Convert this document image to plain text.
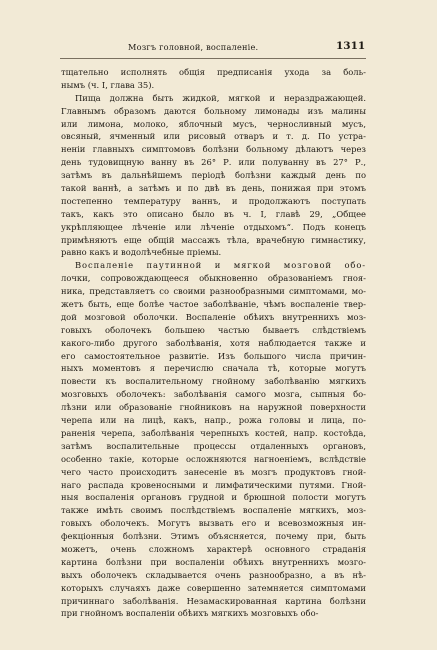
Мозгъ головной, воспаленіе.	1311
тщательно исполнять общія предписанія ухода за боль-
нымъ (ч. I, глава 35).
Пища должна быть жидкой, мягкой и нераздражающей.
Главнымъ образомъ даются больному лимонады изъ малины
или лимона, молоко, яблочный мусъ, черносливный мусъ,
овсяный, ячменный или рисовый отваръ и т. д. По устра-
неніи главныхъ симптомовъ болѣзни больному дѣлаютъ через
день тудовищную ванну въ 26° Р. или полуванну въ 27° Р.,
затѣмъ въ дальнѣйшемъ періодѣ болѣзни каждый день по
такой ваннѣ, а затѣмъ и по двѣ въ день, понижая при этомъ
постепенно температуру ваннъ, и продолжаютъ поступать
такъ, какъ это описано было въ ч. I, главѣ 29, „Общее
укрѣпляющее лѣченіе или лѣченіе отдыхомъ“. Подъ конецъ
примѣняютъ еще общій массажъ тѣла, врачебную гимнастику,
равно какъ и водолѣчебные пріемы.
Воспаленіе паутинной и мягкой мозговой обо-
лочки, сопровождающееся обыкновенно образованіемъ гноя-
ника, представляетъ со своими разнообразными симптомами, мо-
жетъ быть, еще болѣе частое заболѣваніе, чѣмъ воспаленіе твер-
дой мозговой оболочки. Воспаленіе обѣихъ внутреннихъ моз-
говыхъ оболочекъ большею частью бываетъ слѣдствіемъ
какого-либо другого заболѣванія, хотя наблюдается также и
его самостоятельное развитіе. Изъ большого числа причин-
ныхъ моментовъ я перечислю сначала тѣ, которые могутъ
повести къ воспалительному гнойному заболѣванію мягкихъ
мозговыхъ оболочекъ: заболѣванія самого мозга, сыпныя бо-
лѣзни или образованіе гнойниковъ на наружной поверхности
черепа или на лицѣ, какъ, напр., рожа головы и лица, по-
раненія черепа, заболѣванія черепныхъ костей, напр. костоѣда,
затѣмъ воспалительные процессы отдаленныхъ органовъ,
особенно такіе, которые осложняются нагноеніемъ, вслѣдствіе
чего часто происходитъ занесеніе въ мозгъ продуктовъ гной-
наго распада кровеносными и лимфатическими путями. Гной-
ныя воспаленія органовъ грудной и брюшной полости могутъ
также имѣть своимъ послѣдствіемъ воспаленіе мягкихъ, моз-
говыхъ оболочекъ. Могутъ вызвать его и всевозможныя ин-
фекціонныя болѣзни. Этимъ объясняется, почему при, быть
можетъ, очень сложномъ характерѣ основного страданія
картина болѣзни при воспаленіи обѣихъ внутреннихъ мозго-
выхъ оболочекъ складывается очень разнообразно, а въ нѣ-
которыхъ случаяхъ даже совершенно затемняется симптомами
причиннаго заболѣванія. Незамаскированная картина болѣзни
при гнойномъ воспаленіи обѣихъ мягкихъ мозговыхъ обо-
